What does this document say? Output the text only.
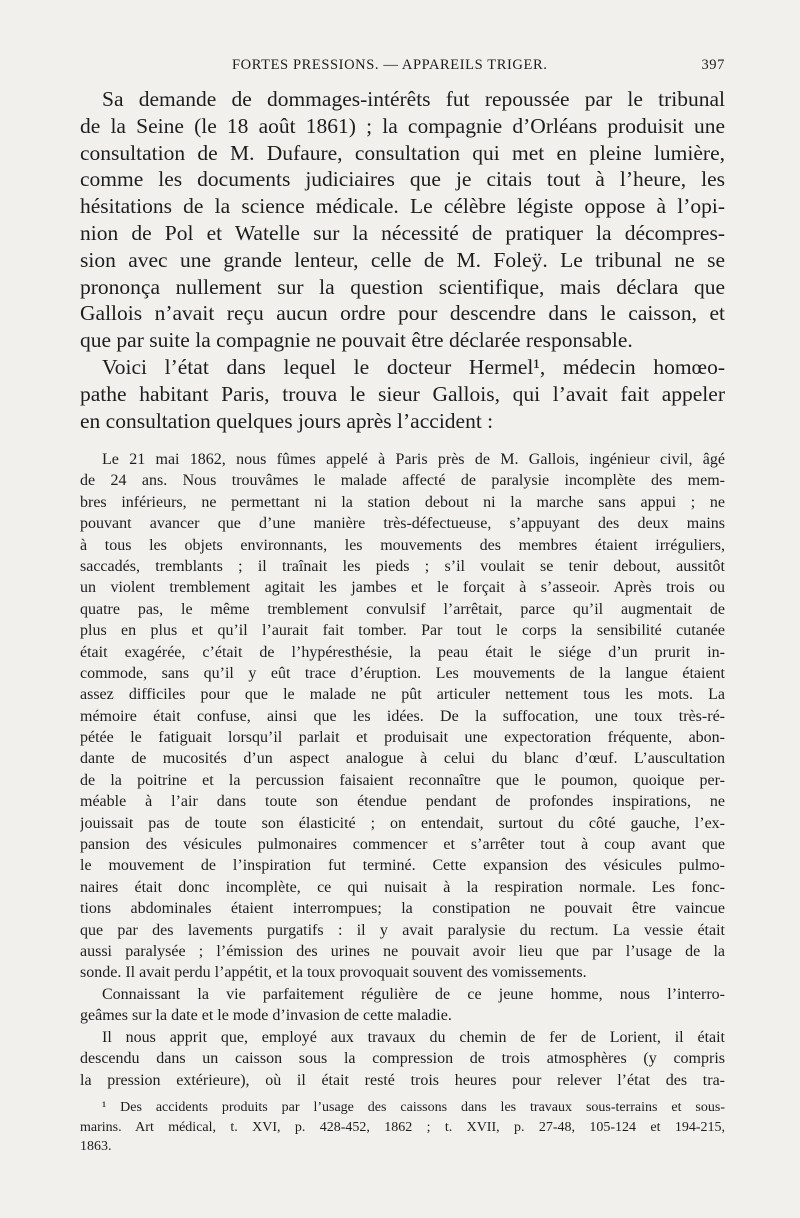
FORTES PRESSIONS. — APPAREILS TRIGER.	397
Sa demande de dommages-intérêts fut repoussée par le tribunal
de la Seine (le 18 août 1861) ; la compagnie d’Orléans produisit une
consultation de M. Dufaure, consultation qui met en pleine lumière,
comme les documents judiciaires que je citais tout à l’heure, les
hésitations de la science médicale. Le célèbre légiste oppose à l’opi-
nion de Pol et Watelle sur la nécessité de pratiquer la décompres-
sion avec une grande lenteur, celle de M. Foleÿ. Le tribunal ne se
prononça nullement sur la question scientifique, mais déclara que
Gallois n’avait reçu aucun ordre pour descendre dans le caisson, et
que par suite la compagnie ne pouvait être déclarée responsable.
Voici l’état dans lequel le docteur Hermel¹, médecin homœo-
pathe habitant Paris, trouva le sieur Gallois, qui l’avait fait appeler
en consultation quelques jours après l’accident :
Le 21 mai 1862, nous fûmes appelé à Paris près de M. Gallois, ingénieur civil, âgé
de 24 ans. Nous trouvâmes le malade affecté de paralysie incomplète des mem-
bres inférieurs, ne permettant ni la station debout ni la marche sans appui ; ne
pouvant avancer que d’une manière très-défectueuse, s’appuyant des deux mains
à tous les objets environnants, les mouvements des membres étaient irréguliers,
saccadés, tremblants ; il traînait les pieds ; s’il voulait se tenir debout, aussitôt
un violent tremblement agitait les jambes et le forçait à s’asseoir. Après trois ou
quatre pas, le même tremblement convulsif l’arrêtait, parce qu’il augmentait de
plus en plus et qu’il l’aurait fait tomber. Par tout le corps la sensibilité cutanée
était exagérée, c’était de l’hypéresthésie, la peau était le siége d’un prurit in-
commode, sans qu’il y eût trace d’éruption. Les mouvements de la langue étaient
assez difficiles pour que le malade ne pût articuler nettement tous les mots. La
mémoire était confuse, ainsi que les idées. De la suffocation, une toux très-ré-
pétée le fatiguait lorsqu’il parlait et produisait une expectoration fréquente, abon-
dante de mucosités d’un aspect analogue à celui du blanc d’œuf. L’auscultation
de la poitrine et la percussion faisaient reconnaître que le poumon, quoique per-
méable à l’air dans toute son étendue pendant de profondes inspirations, ne
jouissait pas de toute son élasticité ; on entendait, surtout du côté gauche, l’ex-
pansion des vésicules pulmonaires commencer et s’arrêter tout à coup avant que
le mouvement de l’inspiration fut terminé. Cette expansion des vésicules pulmo-
naires était donc incomplète, ce qui nuisait à la respiration normale. Les fonc-
tions abdominales étaient interrompues; la constipation ne pouvait être vaincue
que par des lavements purgatifs : il y avait paralysie du rectum. La vessie était
aussi paralysée ; l’émission des urines ne pouvait avoir lieu que par l’usage de la
sonde. Il avait perdu l’appétit, et la toux provoquait souvent des vomissements.
Connaissant la vie parfaitement régulière de ce jeune homme, nous l’interro-
geâmes sur la date et le mode d’invasion de cette maladie.
Il nous apprit que, employé aux travaux du chemin de fer de Lorient, il était
descendu dans un caisson sous la compression de trois atmosphères (y compris
la pression extérieure), où il était resté trois heures pour relever l’état des tra-
¹ Des accidents produits par l’usage des caissons dans les travaux sous-terrains et sous-
marins. Art médical, t. XVI, p. 428-452, 1862 ; t. XVII, p. 27-48, 105-124 et 194-215,
1863.
